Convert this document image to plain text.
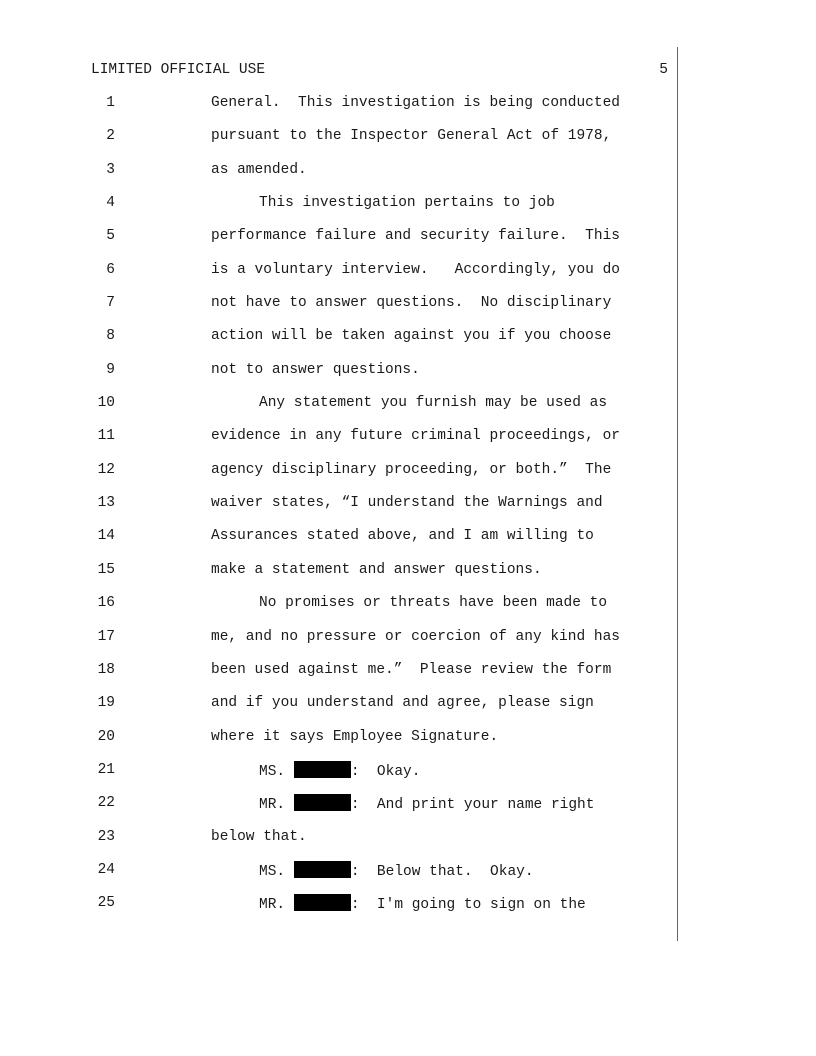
LIMITED OFFICIAL USE	5
1	General.  This investigation is being conducted
2	pursuant to the Inspector General Act of 1978,
3	as amended.
4	This investigation pertains to job
5	performance failure and security failure.  This
6	is a voluntary interview.   Accordingly, you do
7	not have to answer questions.  No disciplinary
8	action will be taken against you if you choose
9	not to answer questions.
10	Any statement you furnish may be used as
11	evidence in any future criminal proceedings, or
12	agency disciplinary proceeding, or both.”  The
13	waiver states, “I understand the Warnings and
14	Assurances stated above, and I am willing to
15	make a statement and answer questions.
16	No promises or threats have been made to
17	me, and no pressure or coercion of any kind has
18	been used against me.”  Please review the form
19	and if you understand and agree, please sign
20	where it says Employee Signature.
21	MS.	:  Okay.
22	MR.	:  And print your name right
23	below that.
24	MS.	:  Below that.  Okay.
25	MR.	:  I'm going to sign on the
